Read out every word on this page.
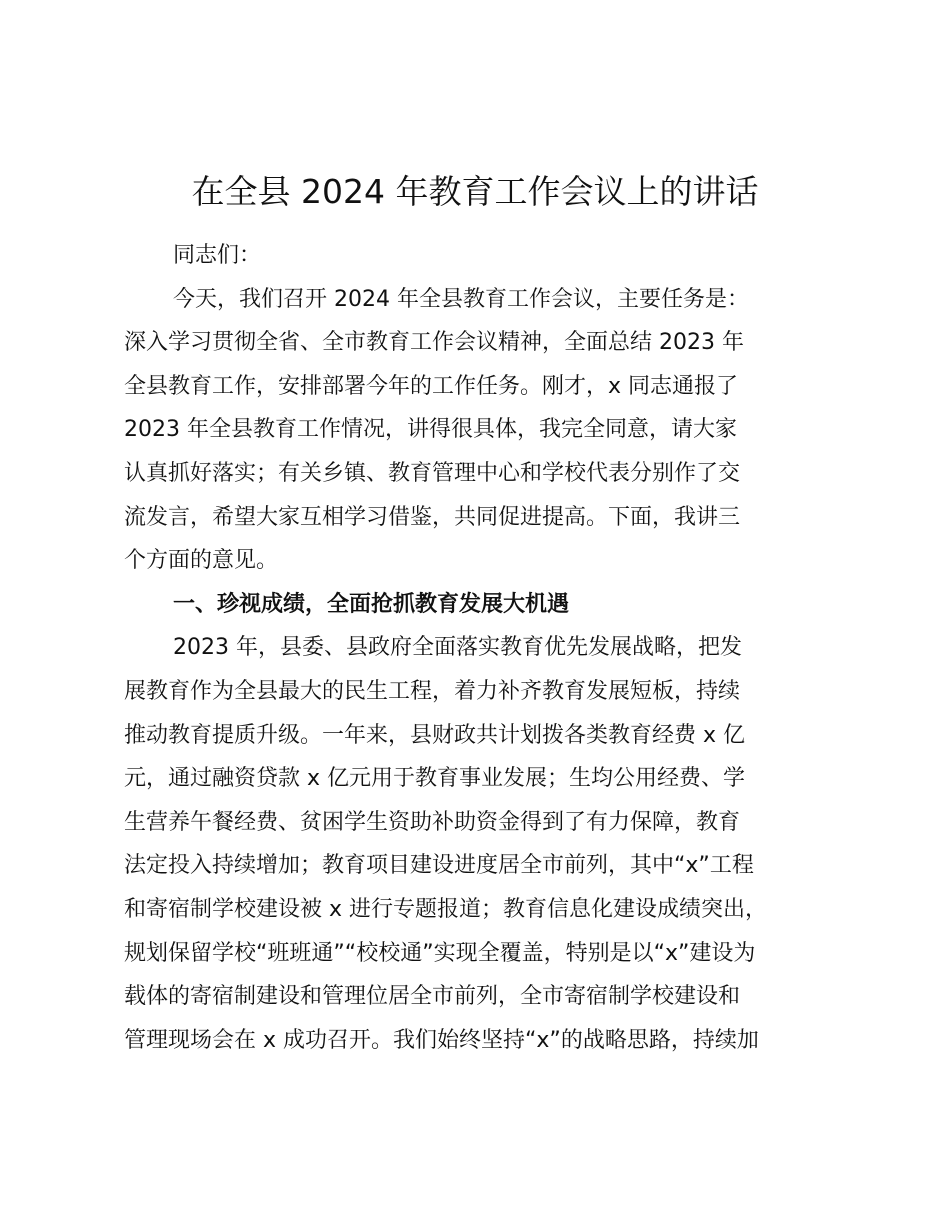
在全县 2024 年教育工作会议上的讲话
同志们：
今天，我们召开 2024 年全县教育工作会议，主要任务是：
深入学习贯彻全省、全市教育工作会议精神，全面总结 2023 年
全县教育工作，安排部署今年的工作任务。刚才，x 同志通报了
2023 年全县教育工作情况，讲得很具体，我完全同意，请大家
认真抓好落实；有关乡镇、教育管理中心和学校代表分别作了交
流发言，希望大家互相学习借鉴，共同促进提高。下面，我讲三
个方面的意见。
一、珍视成绩，全面抢抓教育发展大机遇
2023 年，县委、县政府全面落实教育优先发展战略，把发
展教育作为全县最大的民生工程，着力补齐教育发展短板，持续
推动教育提质升级。一年来，县财政共计划拨各类教育经费 x 亿
元，通过融资贷款 x 亿元用于教育事业发展；生均公用经费、学
生营养午餐经费、贫困学生资助补助资金得到了有力保障，教育
法定投入持续增加；教育项目建设进度居全市前列，其中“x”工程
和寄宿制学校建设被 x 进行专题报道；教育信息化建设成绩突出，
规划保留学校“班班通”“校校通”实现全覆盖，特别是以“x”建设为
载体的寄宿制建设和管理位居全市前列，全市寄宿制学校建设和
管理现场会在 x 成功召开。我们始终坚持“x”的战略思路，持续加
